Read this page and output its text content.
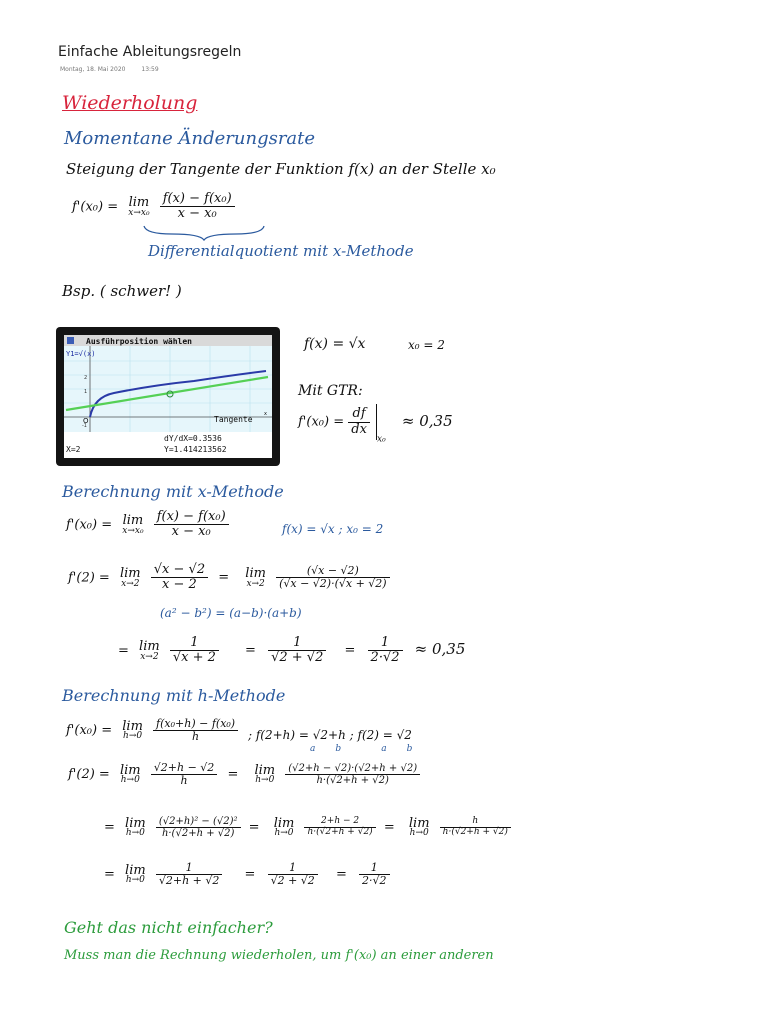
Einfache Ableitungsregeln
Montag, 18. Mai 2020	13:59
Wiederholung
Momentane Änderungsrate
Steigung der Tangente der Funktion f(x) an der Stelle x₀
f'(x₀) = lim
x→x₀
$\frac{\text{f(x) − f(x₀)}}{\text{x − x₀}}$
Differentialquotient mit x-Methode
Bsp. ( schwer! )
Ausführposition wählen
Y1=√(x)
2
1
-1
O
x
Tangente
dY/dX=0.3536
Y=1.414213562
X=2
f(x) = √x	x₀ = 2
Mit GTR:
$f'(x_0) = \frac{df}{dx}$
$_{x_0}$ ≈ 0,35
Berechnung mit x-Methode
f'(x₀) = lim
x→x₀
$\frac{\text{f(x) − f(x₀)}}{\text{x − x₀}}$	f(x) = √x ; x₀ = 2
f'(2) = lim
x→2
$\frac{√x - √2}{x - 2} = \lim$
x→2
$\frac{(√x - √2)}{(√x - √2)\cdot(√x + √2)}$
(a² − b²) = (a−b)·(a+b)
= lim
x→2
$\frac{1}{√x + 2} = \frac{1}{√2 + √2} = \frac{1}{2\cdot√2} \approx 0,35$
Berechnung mit h-Methode
f'(x₀) = lim
h→0
$\frac{\text{f(x₀+h) − f(x₀)}}{h}$ ; f(2+h) = √2+h ; f(2) = √2
a       b              a       b
f'(2) = lim
h→0
$\frac{√2+h - √2}{h} = \lim$
h→0
$\frac{(√2+h - √2)\cdot(√2+h + √2)}{h\cdot(√2+h + √2)}$
= lim
h→0
$\frac{\text{(√2+h)² − (√2)²}}{h\cdot(√2+h + √2)} = \lim$
h→0
$\frac{2+h - 2}{h\cdot(√2+h + √2)} = \lim$
h→0
$\frac{h}{h\cdot(√2+h + √2)}$
= lim
h→0
$\frac{1}{√2+h + √2} = \frac{1}{√2 + √2} = \frac{1}{2\cdot√2}$
Geht das nicht einfacher?
Muss man die Rechnung wiederholen, um f'(x₀) an einer anderen
